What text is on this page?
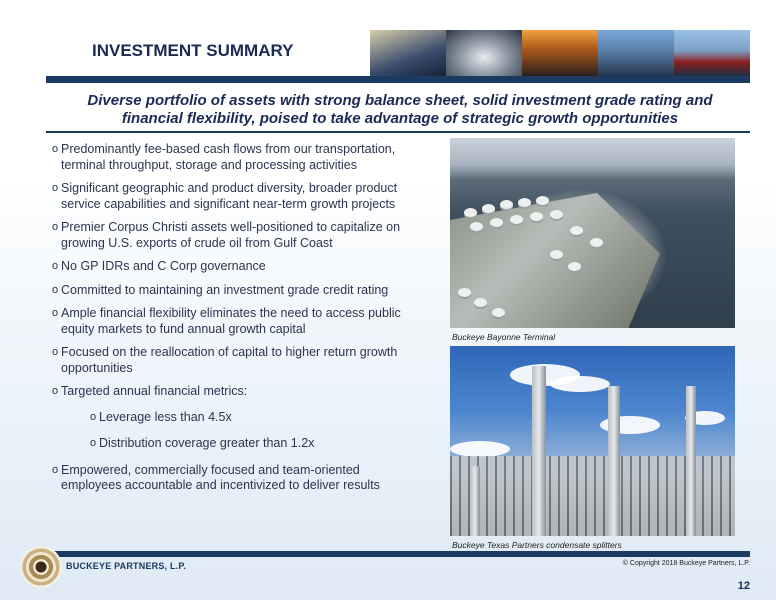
INVESTMENT SUMMARY
Diverse portfolio of assets with strong balance sheet, solid investment grade rating and
financial flexibility, poised to take advantage of strategic growth opportunities
o Predominantly fee-based cash flows from our transportation, terminal throughput, storage and processing activities
o Significant geographic and product diversity, broader product service capabilities and significant near-term growth projects
o Premier Corpus Christi assets well-positioned to capitalize on growing U.S. exports of crude oil from Gulf Coast
o No GP IDRs and C Corp governance
o Committed to maintaining an investment grade credit rating
o Ample financial flexibility eliminates the need to access public equity markets to fund annual growth capital
o Focused on the reallocation of capital to higher return growth opportunities
o Targeted annual financial metrics:
o Leverage less than 4.5x
o Distribution coverage greater than 1.2x
o Empowered, commercially focused and team-oriented employees accountable and incentivized to deliver results
Buckeye Bayonne Terminal
Buckeye Texas Partners condensate splitters
BUCKEYE PARTNERS, L.P.	© Copyright 2018 Buckeye Partners, L.P.
12
